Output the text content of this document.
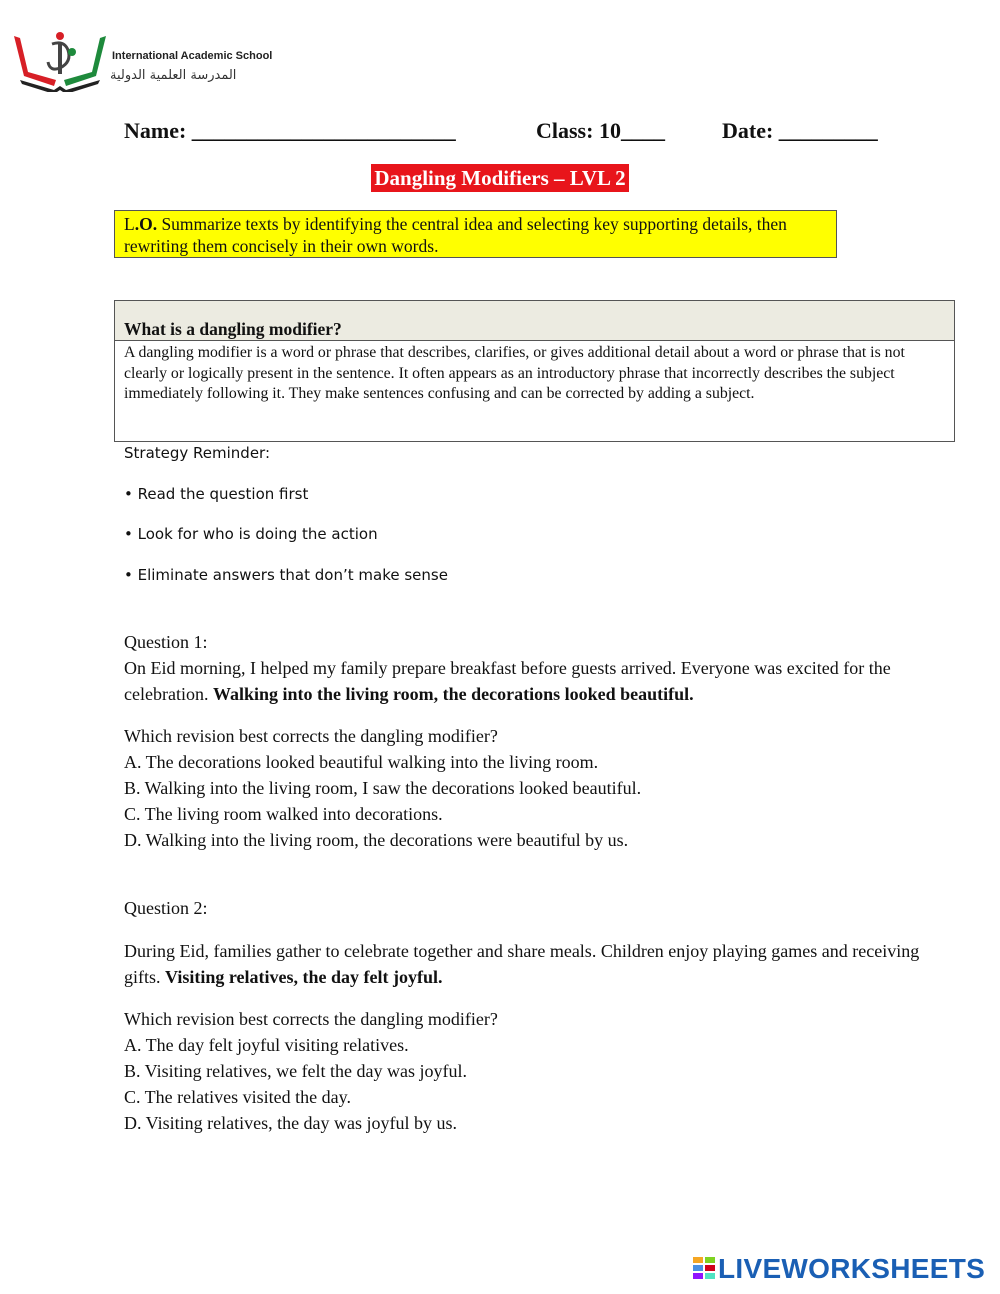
International Academic School
المدرسة العلمية الدولية
Name: ________________________	Class: 10____	Date: _________
Dangling Modifiers – LVL 2
L.O. Summarize texts by identifying the central idea and selecting key supporting details, then rewriting them concisely in their own words.
What is a dangling modifier?
A dangling modifier is a word or phrase that describes, clarifies, or gives additional detail about a word or phrase that is not clearly or logically present in the sentence. It often appears as an introductory phrase that incorrectly describes the subject immediately following it. They make sentences confusing and can be corrected by adding a subject.
Strategy Reminder:
• Read the question first
• Look for who is doing the action
• Eliminate answers that don’t make sense
Question 1:
On Eid morning, I helped my family prepare breakfast before guests arrived. Everyone was excited for the celebration. Walking into the living room, the decorations looked beautiful.
Which revision best corrects the dangling modifier?
A. The decorations looked beautiful walking into the living room.
B. Walking into the living room, I saw the decorations looked beautiful.
C. The living room walked into decorations.
D. Walking into the living room, the decorations were beautiful by us.
Question 2:
During Eid, families gather to celebrate together and share meals. Children enjoy playing games and receiving gifts. Visiting relatives, the day felt joyful.
Which revision best corrects the dangling modifier?
A. The day felt joyful visiting relatives.
B. Visiting relatives, we felt the day was joyful.
C. The relatives visited the day.
D. Visiting relatives, the day was joyful by us.
LIVEWORKSHEETS
